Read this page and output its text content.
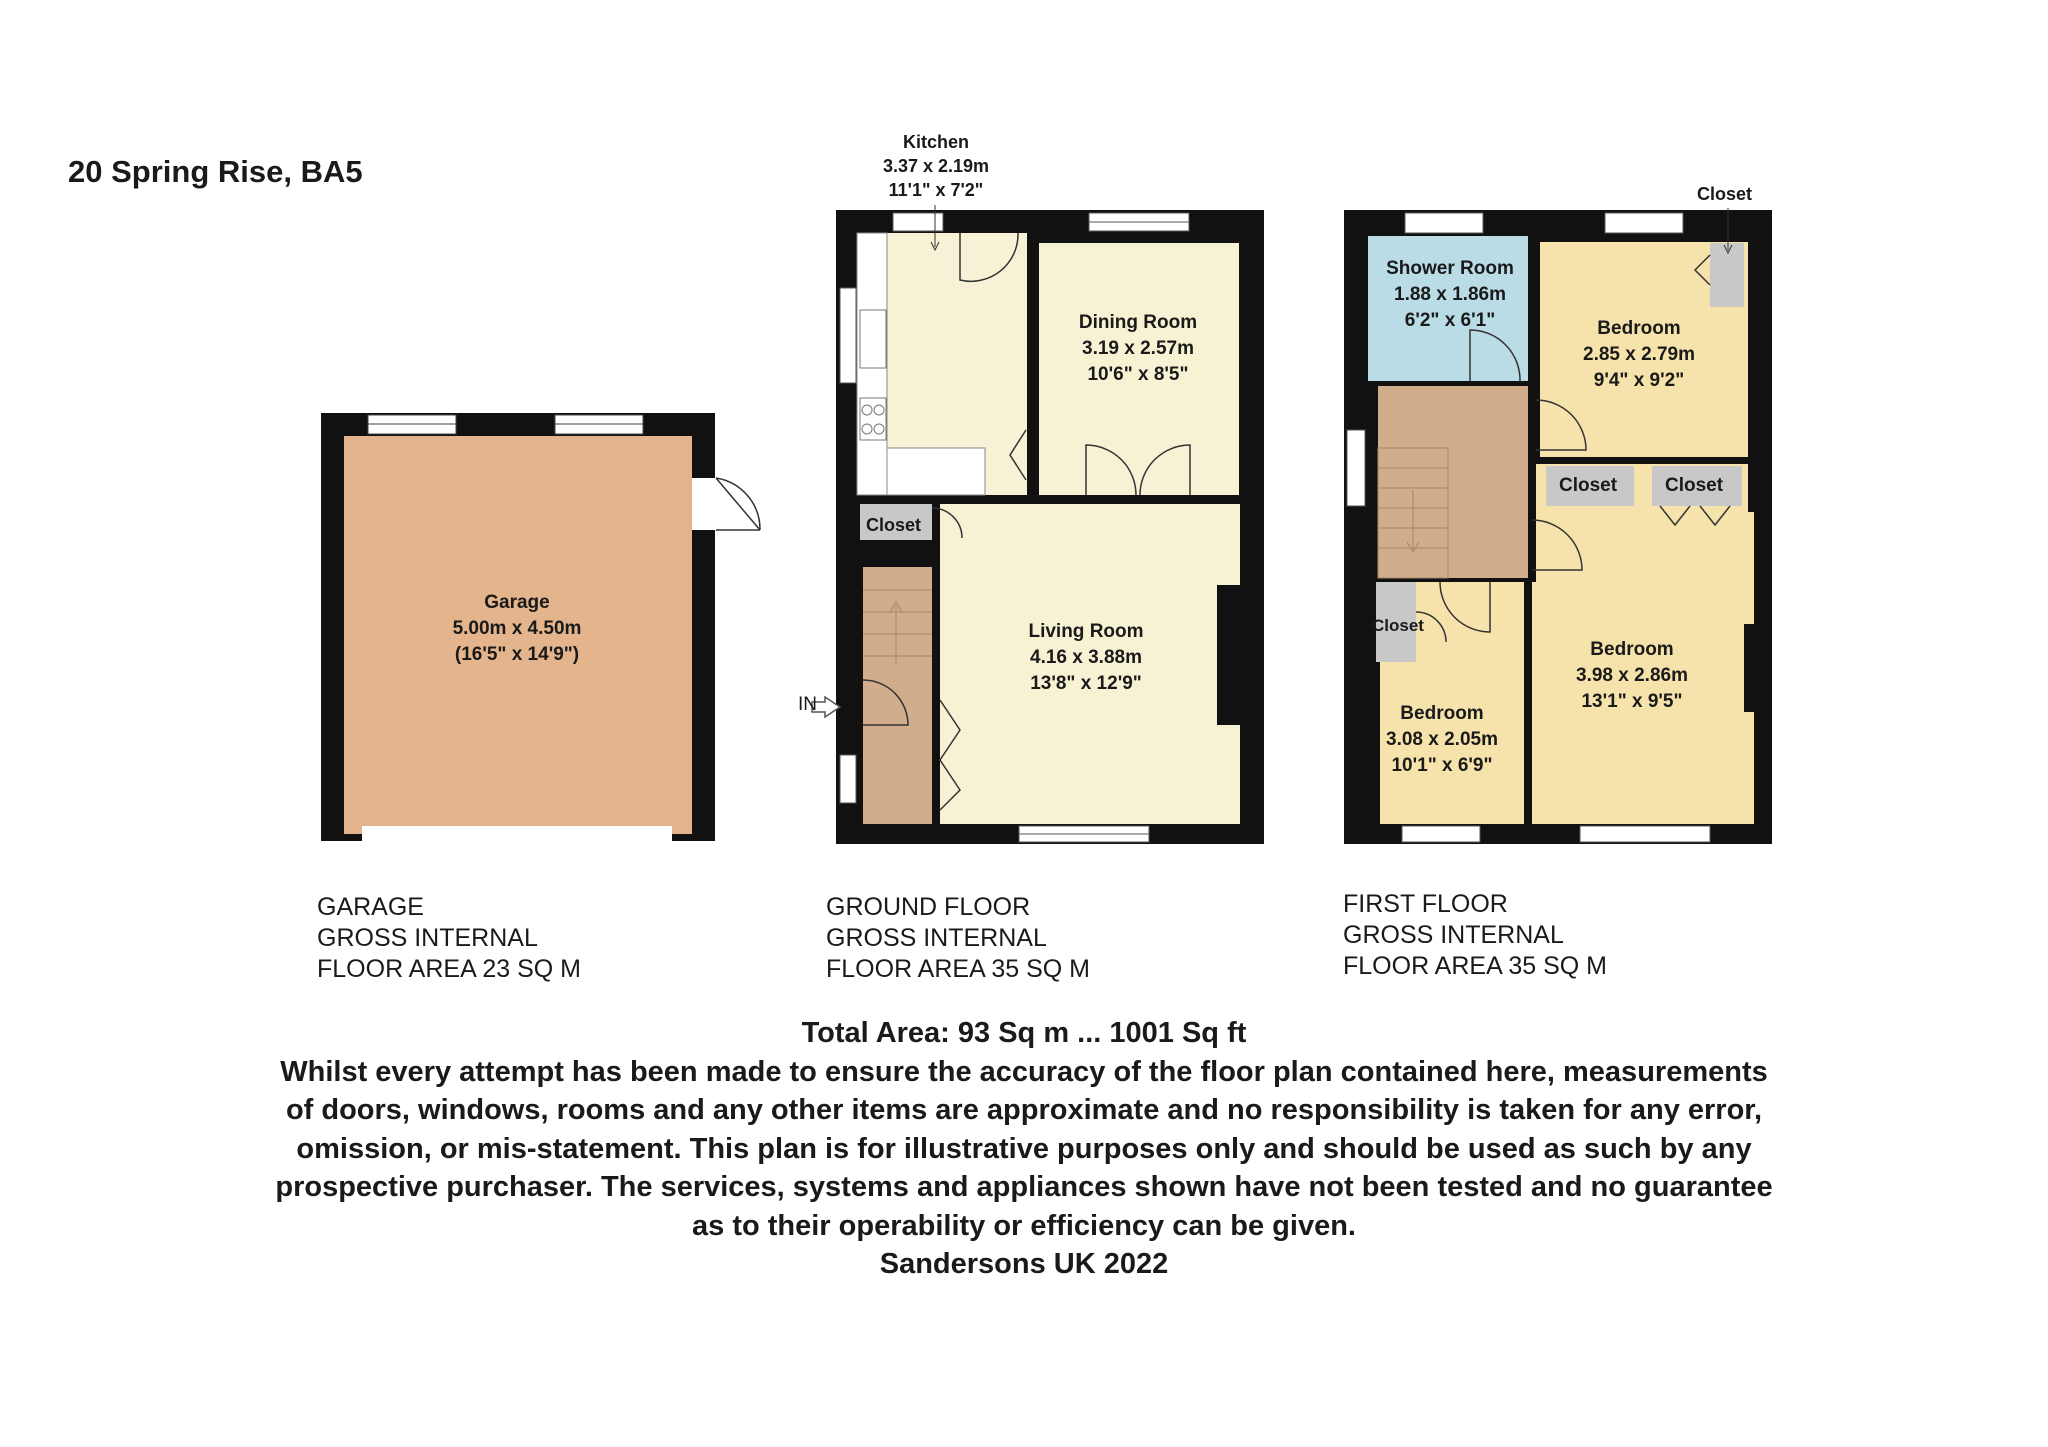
20 Spring Rise, BA5
Garage
5.00m x 4.50m
(16'5" x 14'9")
Kitchen
3.37 x 2.19m
11'1" x 7'2"
Dining Room
3.19 x 2.57m
10'6" x 8'5"
Living Room
4.16 x 3.88m
13'8" x 12'9"
Closet
IN
Shower Room
1.88 x 1.86m
6'2" x 6'1"	Bedroom
2.85 x 2.79m
9'4" x 9'2"
Bedroom
3.98 x 2.86m
13'1" x 9'5"
Bedroom
3.08 x 2.05m
10'1" x 6'9"
Closet
Closet	Closet
Closet
GARAGE
GROSS INTERNAL
FLOOR AREA 23 SQ M
GROUND FLOOR
GROSS INTERNAL
FLOOR AREA 35 SQ M
FIRST FLOOR
GROSS INTERNAL
FLOOR AREA 35 SQ M
Total Area: 93 Sq m ... 1001 Sq ft
Whilst every attempt has been made to ensure the accuracy of the floor plan contained here, measurements
of doors, windows, rooms and any other items are approximate and no responsibility is taken for any error,
omission, or mis-statement. This plan is for illustrative purposes only and should be used as such by any
prospective purchaser. The services, systems and appliances shown have not been tested and no guarantee
as to their operability or efficiency can be given.
Sandersons UK 2022
